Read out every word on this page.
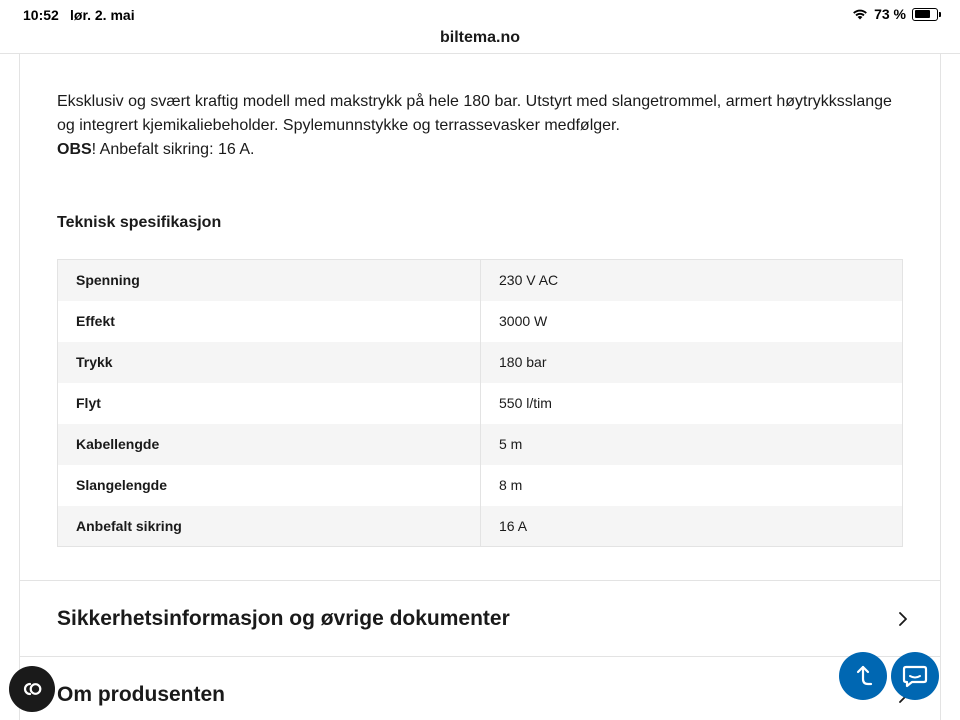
10:52 lør. 2. mai	73 %
biltema.no

Eksklusiv og svært kraftig modell med makstrykk på hele 180 bar. Utstyrt med slangetrommel, armert høytrykksslange og integrert kjemikaliebeholder. Spylemunnstykke og terrassevasker medfølger.
OBS! Anbefalt sikring: 16 A.

Teknisk spesifikasjon
Spenning	230 V AC
Effekt	3000 W
Trykk	180 bar
Flyt	550 l/tim
Kabellengde	5 m
Slangelengde	8 m
Anbefalt sikring	16 A
Sikkerhetsinformasjon og øvrige dokumenter
Om produsenten
